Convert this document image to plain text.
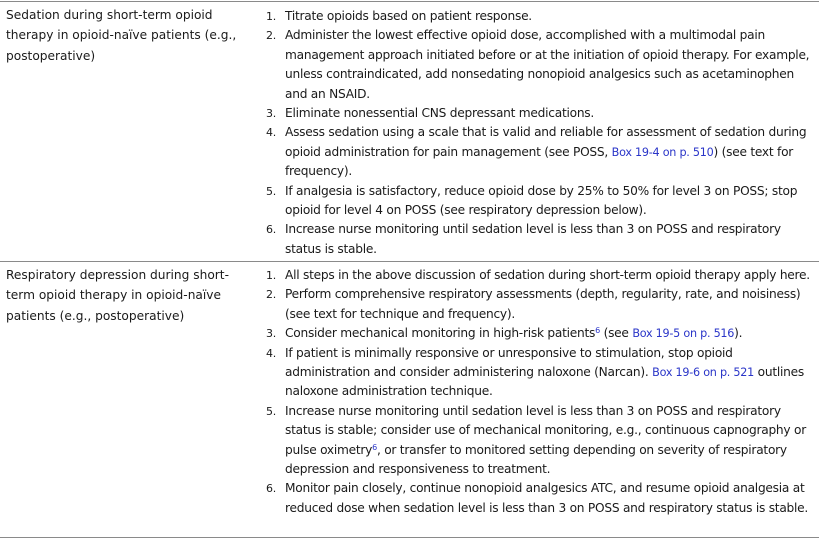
Sedation during short-term opioid therapy in opioid-naïve patients (e.g., postoperative)
1. Titrate opioids based on patient response.
2. Administer the lowest effective opioid dose, accomplished with a multimodal pain management approach initiated before or at the initiation of opioid therapy. For example, unless contraindicated, add nonsedating nonopioid analgesics such as acetaminophen and an NSAID.
3. Eliminate nonessential CNS depressant medications.
4. Assess sedation using a scale that is valid and reliable for assessment of sedation during opioid administration for pain management (see POSS, Box 19-4 on p. 510) (see text for frequency).
5. If analgesia is satisfactory, reduce opioid dose by 25% to 50% for level 3 on POSS; stop opioid for level 4 on POSS (see respiratory depression below).
6. Increase nurse monitoring until sedation level is less than 3 on POSS and respiratory status is stable.
Respiratory depression during short-term opioid therapy in opioid-naïve patients (e.g., postoperative)
1. All steps in the above discussion of sedation during short-term opioid therapy apply here.
2. Perform comprehensive respiratory assessments (depth, regularity, rate, and noisiness) (see text for technique and frequency).
3. Consider mechanical monitoring in high-risk patients$^6$ (see Box 19-5 on p. 516).
4. If patient is minimally responsive or unresponsive to stimulation, stop opioid administration and consider administering naloxone (Narcan). Box 19-6 on p. 521 outlines naloxone administration technique.
5. Increase nurse monitoring until sedation level is less than 3 on POSS and respiratory status is stable; consider use of mechanical monitoring, e.g., continuous capnography or pulse oximetry$^6$, or transfer to monitored setting depending on severity of respiratory depression and responsiveness to treatment.
6. Monitor pain closely, continue nonopioid analgesics ATC, and resume opioid analgesia at reduced dose when sedation level is less than 3 on POSS and respiratory status is stable.
